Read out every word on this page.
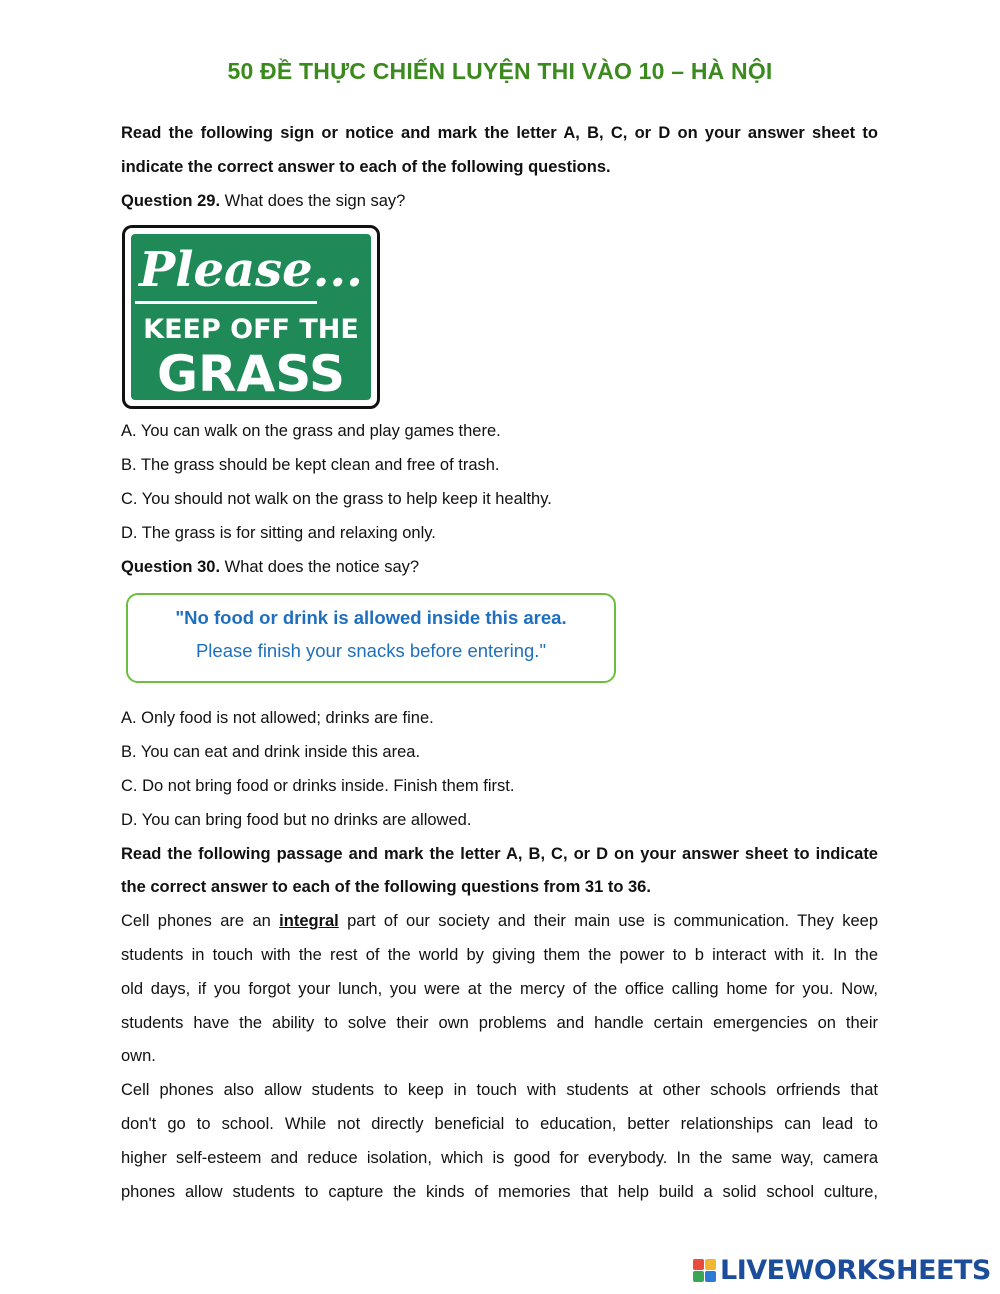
50 ĐỀ THỰC CHIẾN LUYỆN THI VÀO 10 – HÀ NỘI
Read the following sign or notice and mark the letter A, B, C, or D on your answer sheet to
indicate the correct answer to each of the following questions.
Question 29. What does the sign say?
Please...
KEEP OFF THE
GRASS
A. You can walk on the grass and play games there.
B. The grass should be kept clean and free of trash.
C. You should not walk on the grass to help keep it healthy.
D. The grass is for sitting and relaxing only.
Question 30. What does the notice say?
"No food or drink is allowed inside this area.
Please finish your snacks before entering."
A. Only food is not allowed; drinks are fine.
B. You can eat and drink inside this area.
C. Do not bring food or drinks inside. Finish them first.
D. You can bring food but no drinks are allowed.
Read the following passage and mark the letter A, B, C, or D on your answer sheet to indicate
the correct answer to each of the following questions from 31 to 36.
Cell phones are an integral part of our society and their main use is communication. They keep
students in touch with the rest of the world by giving them the power to b interact with it. In the
old days, if you forgot your lunch, you were at the mercy of the office calling home for you. Now,
students have the ability to solve their own problems and handle certain emergencies on their
own.
Cell phones also allow students to keep in touch with students at other schools orfriends that
don't go to school. While not directly beneficial to education, better relationships can lead to
higher self-esteem and reduce isolation, which is good for everybody. In the same way, camera
phones allow students to capture the kinds of memories that help build a solid school culture,
LIVEWORKSHEETS
